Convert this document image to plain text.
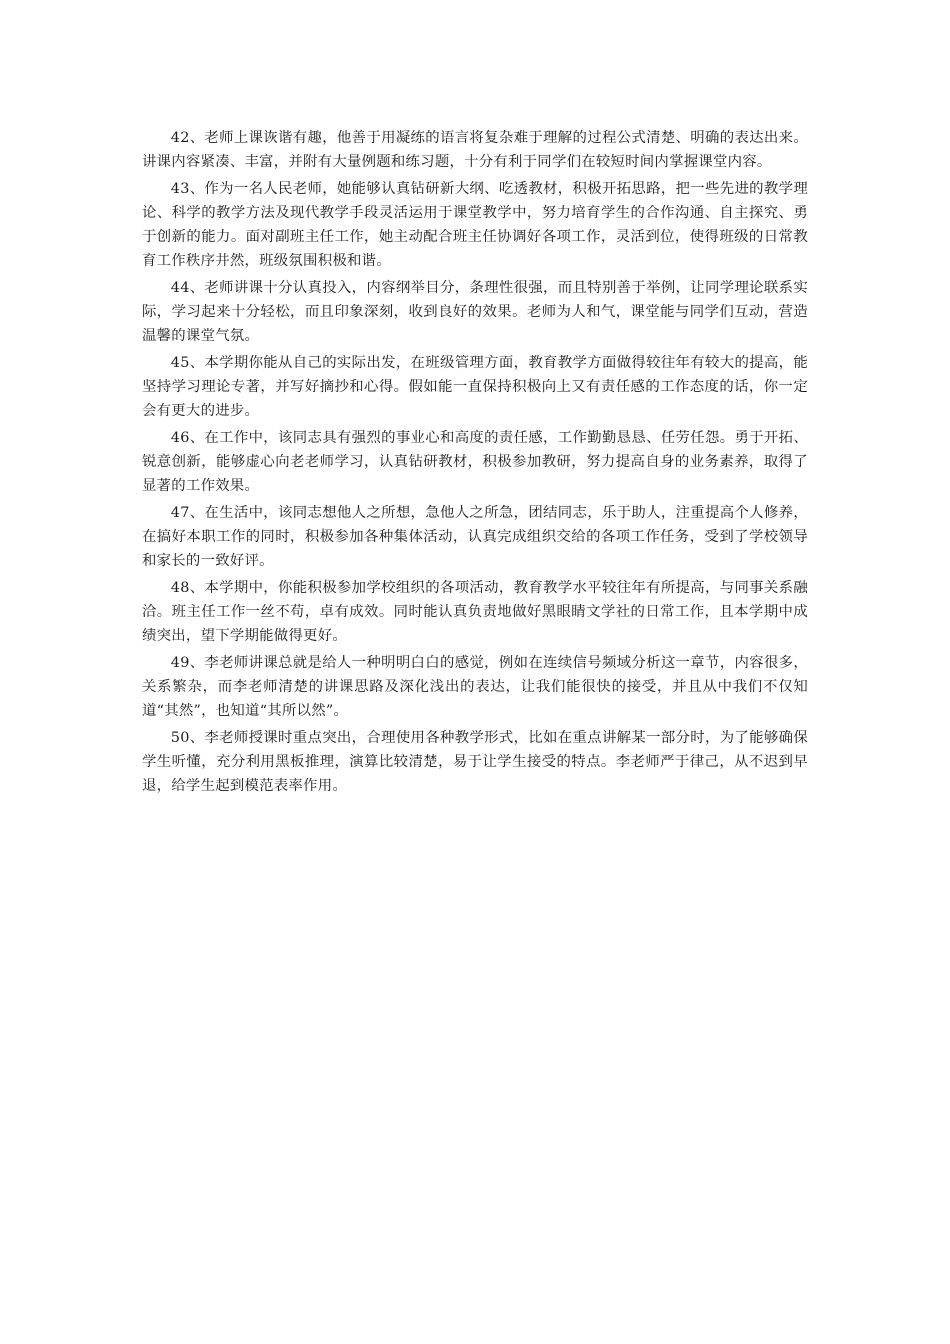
42、老师上课诙谐有趣，他善于用凝练的语言将复杂难于理解的过程公式清楚、明确的表达出来。讲课内容紧凑、丰富，并附有大量例题和练习题，十分有利于同学们在较短时间内掌握课堂内容。

43、作为一名人民老师，她能够认真钻研新大纲、吃透教材，积极开拓思路，把一些先进的教学理论、科学的教学方法及现代教学手段灵活运用于课堂教学中，努力培育学生的合作沟通、自主探究、勇于创新的能力。面对副班主任工作，她主动配合班主任协调好各项工作，灵活到位，使得班级的日常教育工作秩序井然，班级氛围积极和谐。

44、老师讲课十分认真投入，内容纲举目分，条理性很强，而且特别善于举例，让同学理论联系实际，学习起来十分轻松，而且印象深刻，收到良好的效果。老师为人和气，课堂能与同学们互动，营造温馨的课堂气氛。

45、本学期你能从自己的实际出发，在班级管理方面，教育教学方面做得较往年有较大的提高，能坚持学习理论专著，并写好摘抄和心得。假如能一直保持积极向上又有责任感的工作态度的话，你一定会有更大的进步。

46、在工作中，该同志具有强烈的事业心和高度的责任感，工作勤勤恳恳、任劳任怨。勇于开拓、锐意创新，能够虚心向老老师学习，认真钻研教材，积极参加教研，努力提高自身的业务素养，取得了显著的工作效果。

47、在生活中，该同志想他人之所想，急他人之所急，团结同志，乐于助人，注重提高个人修养，在搞好本职工作的同时，积极参加各种集体活动，认真完成组织交给的各项工作任务，受到了学校领导和家长的一致好评。

48、本学期中，你能积极参加学校组织的各项活动，教育教学水平较往年有所提高，与同事关系融洽。班主任工作一丝不苟，卓有成效。同时能认真负责地做好黑眼睛文学社的日常工作，且本学期中成绩突出，望下学期能做得更好。

49、李老师讲课总就是给人一种明明白白的感觉，例如在连续信号频域分析这一章节，内容很多，关系繁杂，而李老师清楚的讲课思路及深化浅出的表达，让我们能很快的接受，并且从中我们不仅知道“其然”，也知道“其所以然”。

50、李老师授课时重点突出，合理使用各种教学形式，比如在重点讲解某一部分时，为了能够确保学生听懂，充分利用黑板推理，演算比较清楚，易于让学生接受的特点。李老师严于律己，从不迟到早退，给学生起到模范表率作用。
